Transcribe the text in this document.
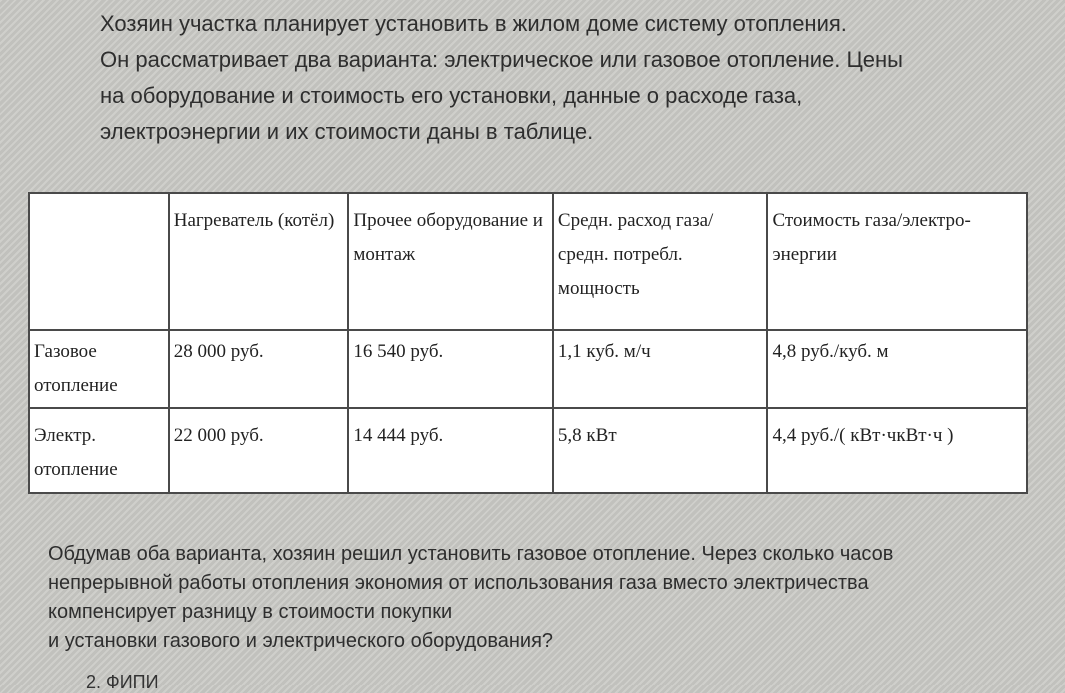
Хозяин участка планирует установить в жилом доме систему отопления.
Он рассматривает два варианта: электрическое или газовое отопление. Цены
на оборудование и стоимость его установки, данные о расходе газа,
электроэнергии и их стоимости даны в таблице.
	Нагреватель (котёл)	Прочее оборудование и монтаж	Средн. расход газа/ средн. потребл. мощность	Стоимость газа/электро-энергии
Газовое отопление	28 000 руб.	16 540 руб.	1,1 куб. м/ч	4,8 руб./куб. м
Электр. отопление	22 000 руб.	14 444 руб.	5,8 кВт	4,4 руб./( кВт·чкВт·ч )
Обдумав оба варианта, хозяин решил установить газовое отопление. Через сколько часов
непрерывной работы отопления экономия от использования газа вместо электричества
компенсирует разницу в стоимости покупки
и установки газового и электрического оборудования?
2. ФИПИ
